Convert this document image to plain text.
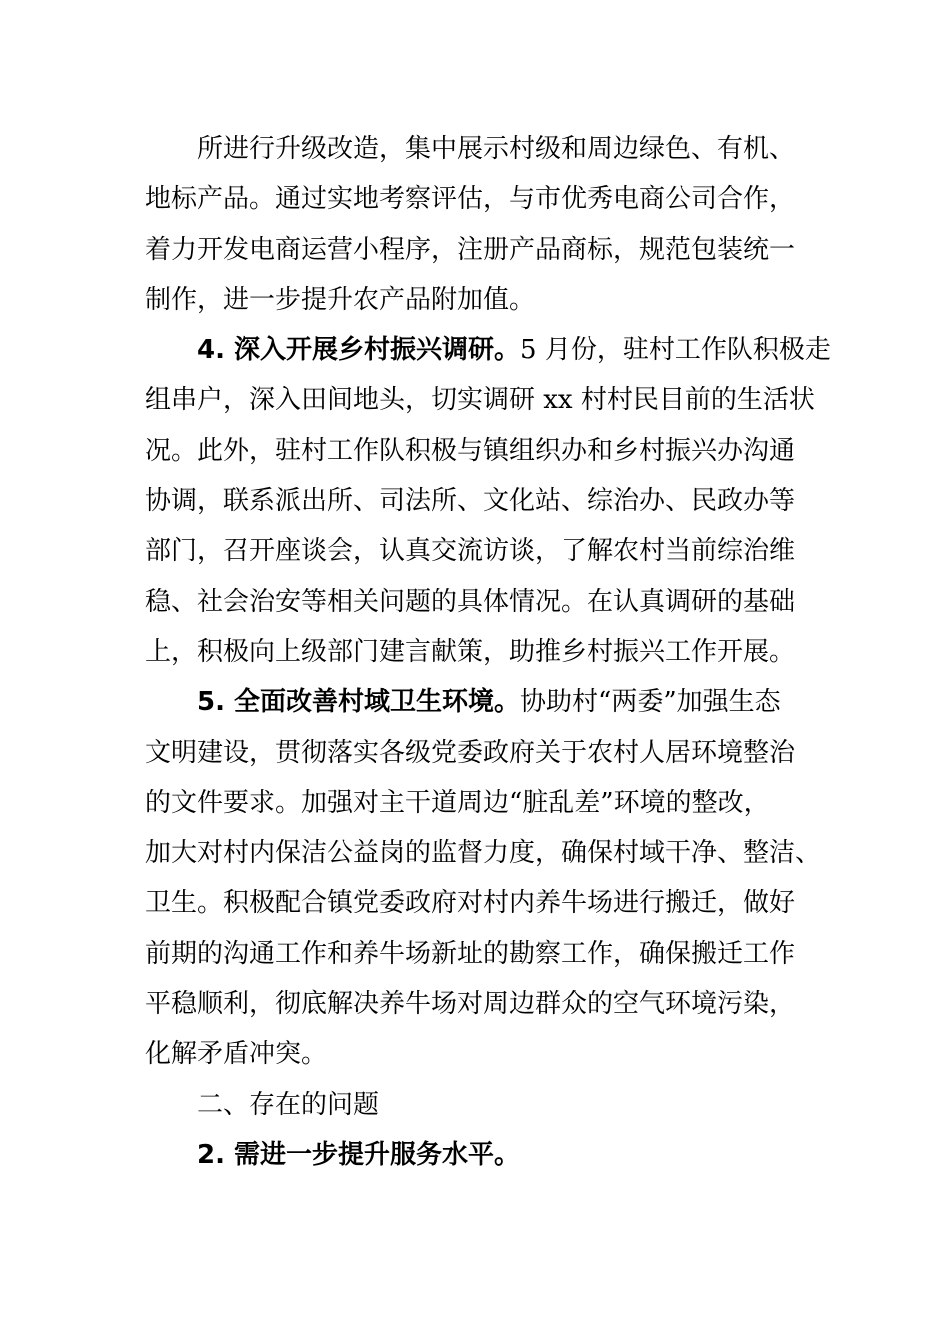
所进行升级改造，集中展示村级和周边绿色、有机、
地标产品。通过实地考察评估，与市优秀电商公司合作，
着力开发电商运营小程序，注册产品商标，规范包装统一
制作，进一步提升农产品附加值。
4. 深入开展乡村振兴调研。5 月份，驻村工作队积极走
组串户，深入田间地头，切实调研 xx 村村民目前的生活状
况。此外，驻村工作队积极与镇组织办和乡村振兴办沟通
协调，联系派出所、司法所、文化站、综治办、民政办等
部门，召开座谈会，认真交流访谈，了解农村当前综治维
稳、社会治安等相关问题的具体情况。在认真调研的基础
上，积极向上级部门建言献策，助推乡村振兴工作开展。
5. 全面改善村域卫生环境。协助村“两委”加强生态
文明建设，贯彻落实各级党委政府关于农村人居环境整治
的文件要求。加强对主干道周边“脏乱差”环境的整改，
加大对村内保洁公益岗的监督力度，确保村域干净、整洁、
卫生。积极配合镇党委政府对村内养牛场进行搬迁，做好
前期的沟通工作和养牛场新址的勘察工作，确保搬迁工作
平稳顺利，彻底解决养牛场对周边群众的空气环境污染，
化解矛盾冲突。
二、存在的问题
2. 需进一步提升服务水平。
